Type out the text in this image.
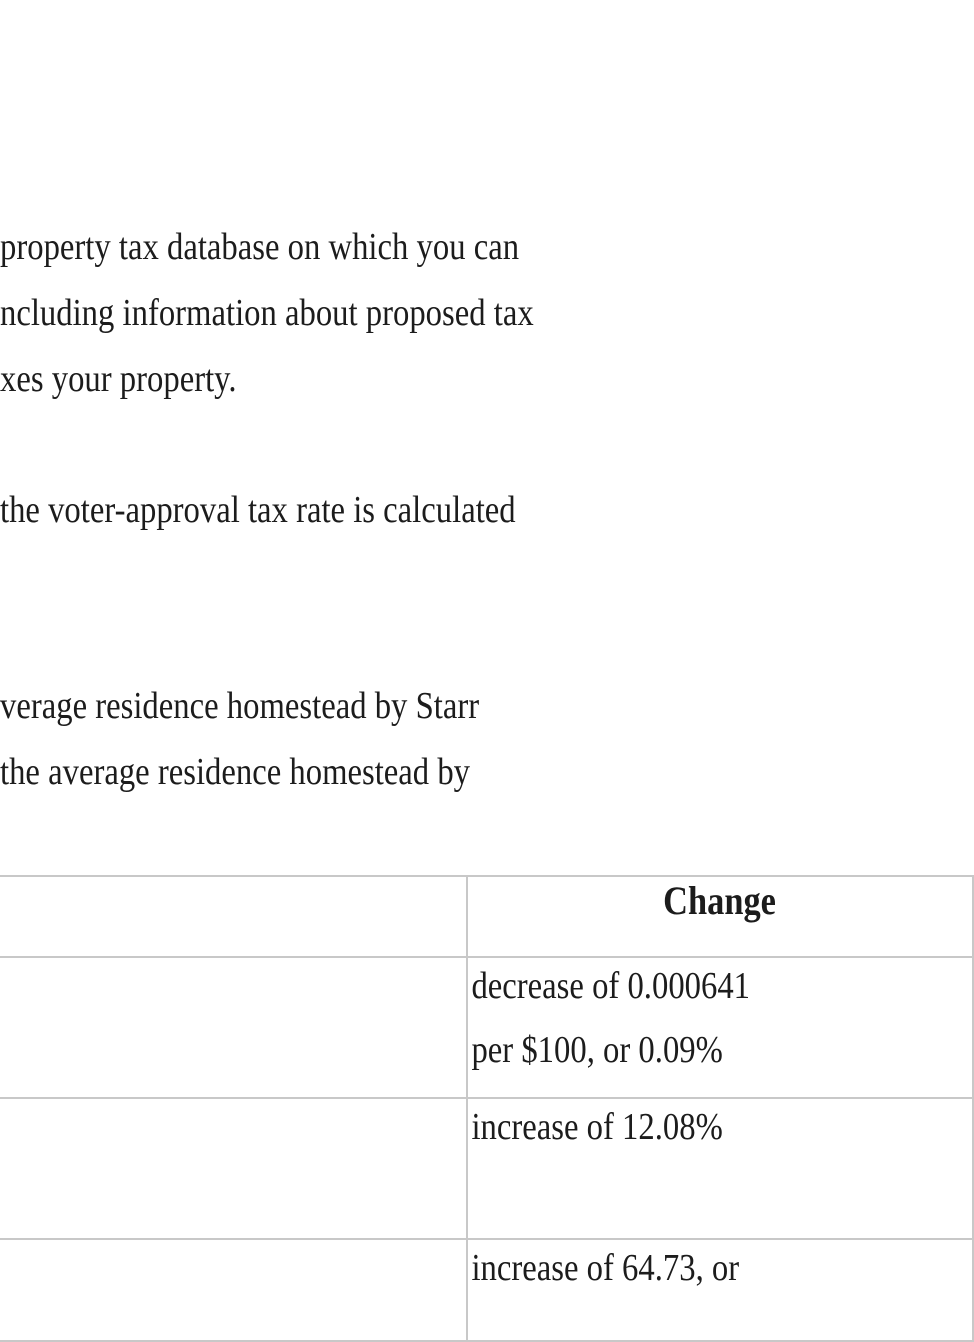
property tax database on which you can
ncluding information about proposed tax
xes your property.
the voter-approval tax rate is calculated
verage residence homestead by Starr
the average residence homestead by
	Change

	decrease of 0.000641
per $100, or 0.09%

	increase of 12.08%

	increase of 64.73, or
